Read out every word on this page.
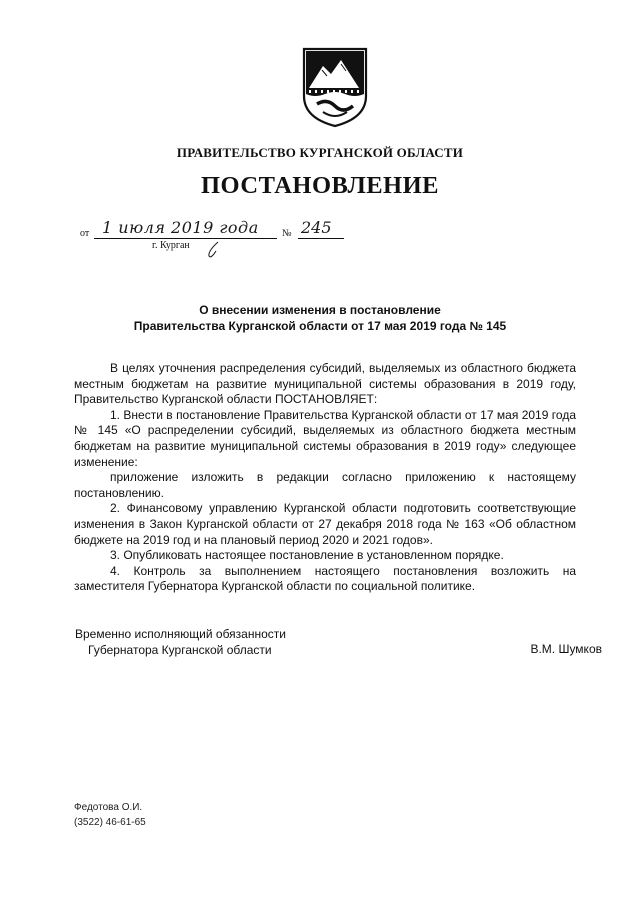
ПРАВИТЕЛЬСТВО КУРГАНСКОЙ ОБЛАСТИ
ПОСТАНОВЛЕНИЕ
от 1 июля 2019 года № 245
г. Курган
О внесении изменения в постановление
Правительства Курганской области от 17 мая 2019 года № 145

В целях уточнения распределения субсидий, выделяемых из областного бюджета местным бюджетам на развитие муниципальной системы образования в 2019 году, Правительство Курганской области ПОСТАНОВЛЯЕТ:

1. Внести в постановление Правительства Курганской области от 17 мая 2019 года № 145 «О распределении субсидий, выделяемых из областного бюджета местным бюджетам на развитие муниципальной системы образования в 2019 году» следующее изменение:

приложение изложить в редакции согласно приложению к настоящему постановлению.

2. Финансовому управлению Курганской области подготовить соответствующие изменения в Закон Курганской области от 27 декабря 2018 года № 163 «Об областном бюджете на 2019 год и на плановый период 2020 и 2021 годов».

3. Опубликовать настоящее постановление в установленном порядке.

4. Контроль за выполнением настоящего постановления возложить на заместителя Губернатора Курганской области по социальной политике.

Временно исполняющий обязанности
Губернатора Курганской области	В.М. Шумков
Федотова О.И.
(3522) 46-61-65
